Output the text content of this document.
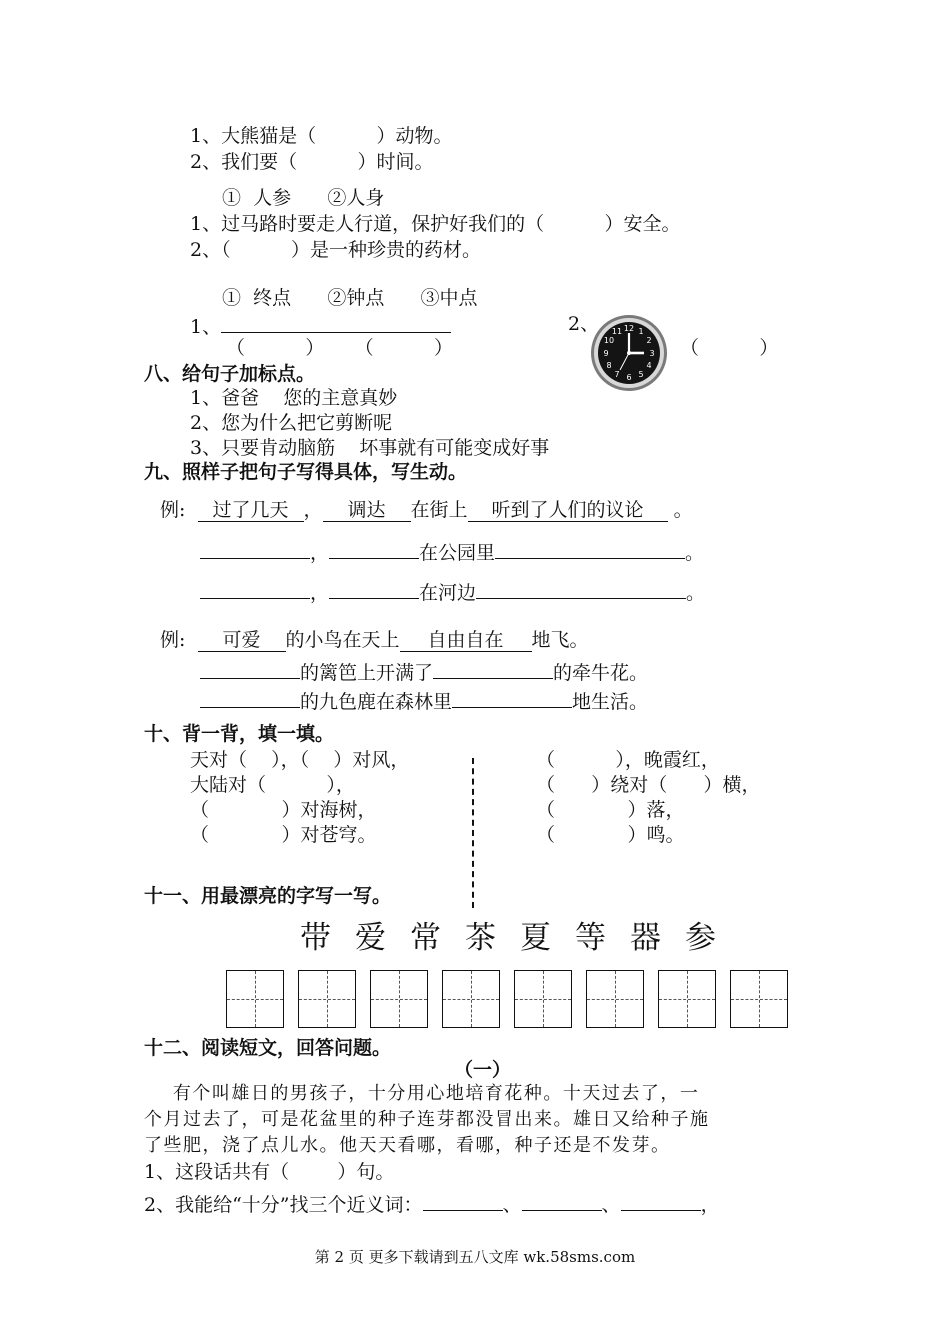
1、大熊猫是（          ）动物。
2、我们要（          ）时间。
①  人参      ②人身
1、过马路时要走人行道，保护好我们的（          ）安全。
2、（          ）是一种珍贵的药材。
①  终点      ②钟点      ③中点
1、
（          ）     （          ）
2、	12 1
2
3
4
5
6
7
8
9
10
11
（          ）
八、给句子加标点。
1、爸爸    您的主意真妙
2、您为什么把它剪断呢
3、只要肯动脑筋    坏事就有可能变成好事
九、照样子把句子写得具体，写生动。
例: 过了几天 ， 调达 在街上 听到了人们的议论 。
，	在公园里	。
，	在河边	。
例: 可爱 的小鸟在天上 自由自在 地飞。
的篱笆上开满了	的牵牛花。
的九色鹿在森林里	地生活。
十、背一背，填一填。
天对（    ），（    ）对风，
大陆对（          ），
（            ）对海树，
（            ）对苍穹。
（          ），晚霞红，
（      ）绕对（      ）横，
（            ）落，
（            ）鸣。
十一、用最漂亮的字写一写。
带爱常茶夏等器参
十二、阅读短文，回答问题。
（一）
有个叫雄日的男孩子，十分用心地培育花种。十天过去了，一
个月过去了，可是花盆里的种子连芽都没冒出来。雄日又给种子施
了些肥，浇了点儿水。他天天看哪，看哪，种子还是不发芽。
1、这段话共有（        ）句。
2、我能给“十分”找三个近义词：	、	、	，
第 2 页 更多下载请到五八文库 wk.58sms.com
